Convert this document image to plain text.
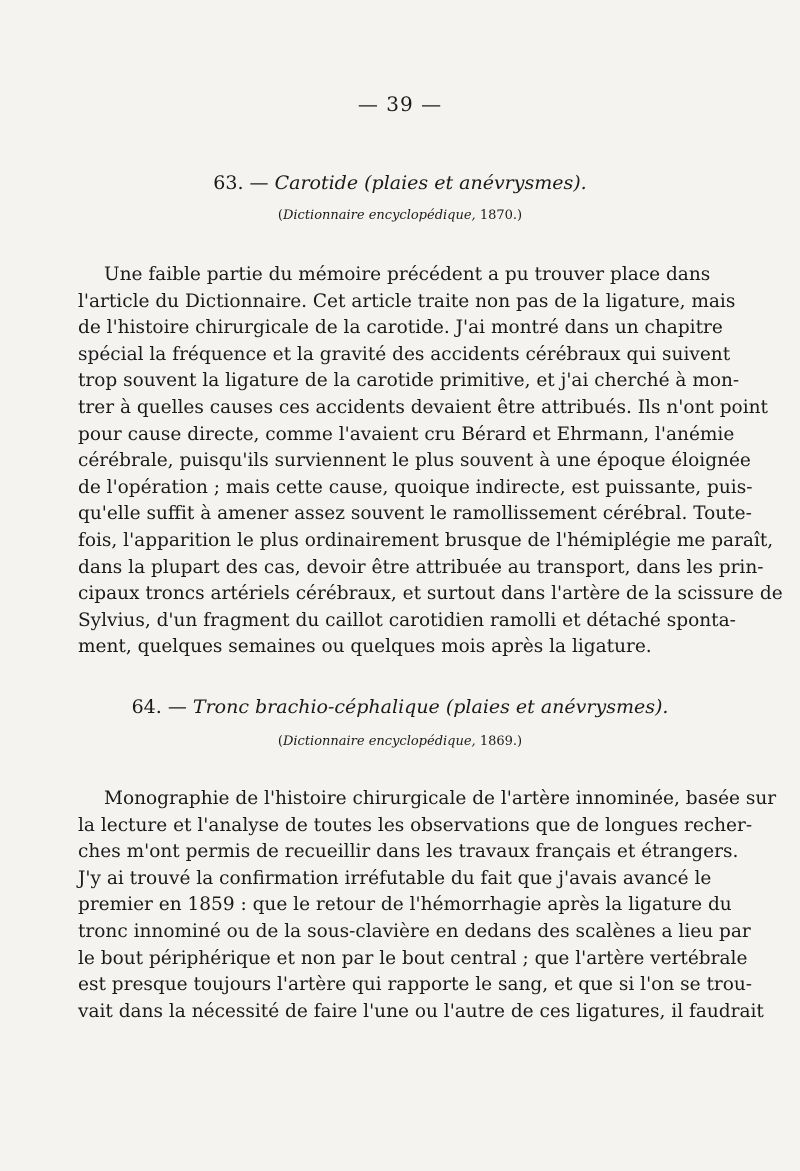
— 39 —
63. — Carotide (plaies et anévrysmes).
(Dictionnaire encyclopédique, 1870.)
Une faible partie du mémoire précédent a pu trouver place dans
l'article du Dictionnaire. Cet article traite non pas de la ligature, mais
de l'histoire chirurgicale de la carotide. J'ai montré dans un chapitre
spécial la fréquence et la gravité des accidents cérébraux qui suivent
trop souvent la ligature de la carotide primitive, et j'ai cherché à mon-
trer à quelles causes ces accidents devaient être attribués. Ils n'ont point
pour cause directe, comme l'avaient cru Bérard et Ehrmann, l'anémie
cérébrale, puisqu'ils surviennent le plus souvent à une époque éloignée
de l'opération ; mais cette cause, quoique indirecte, est puissante, puis-
qu'elle suffit à amener assez souvent le ramollissement cérébral. Toute-
fois, l'apparition le plus ordinairement brusque de l'hémiplégie me paraît,
dans la plupart des cas, devoir être attribuée au transport, dans les prin-
cipaux troncs artériels cérébraux, et surtout dans l'artère de la scissure de
Sylvius, d'un fragment du caillot carotidien ramolli et détaché sponta-
ment, quelques semaines ou quelques mois après la ligature.
64. — Tronc brachio-céphalique (plaies et anévrysmes).
(Dictionnaire encyclopédique, 1869.)
Monographie de l'histoire chirurgicale de l'artère innominée, basée sur
la lecture et l'analyse de toutes les observations que de longues recher-
ches m'ont permis de recueillir dans les travaux français et étrangers.
J'y ai trouvé la confirmation irréfutable du fait que j'avais avancé le
premier en 1859 : que le retour de l'hémorrhagie après la ligature du
tronc innominé ou de la sous-clavière en dedans des scalènes a lieu par
le bout périphérique et non par le bout central ; que l'artère vertébrale
est presque toujours l'artère qui rapporte le sang, et que si l'on se trou-
vait dans la nécessité de faire l'une ou l'autre de ces ligatures, il faudrait
